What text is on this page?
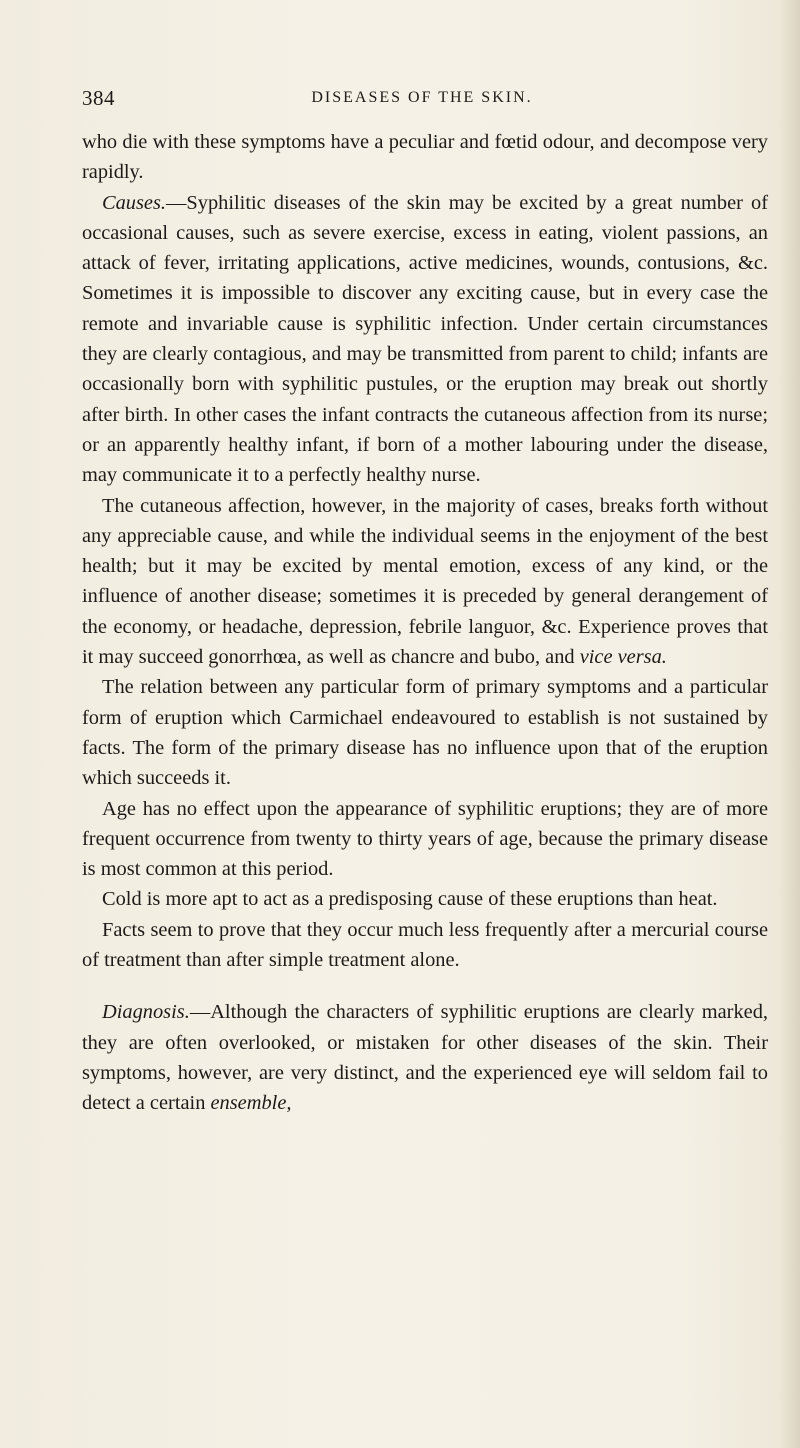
384	DISEASES OF THE SKIN.

who die with these symptoms have a peculiar and fœtid odour, and decompose very rapidly.

Causes.—Syphilitic diseases of the skin may be excited by a great number of occasional causes, such as severe exercise, excess in eating, violent passions, an attack of fever, irritating applications, active medicines, wounds, contusions, &c. Sometimes it is impossible to discover any exciting cause, but in every case the remote and invariable cause is syphilitic infection. Under certain circumstances they are clearly contagious, and may be transmitted from parent to child; infants are occasionally born with syphilitic pustules, or the eruption may break out shortly after birth. In other cases the infant contracts the cutaneous affection from its nurse; or an apparently healthy infant, if born of a mother labouring under the disease, may communicate it to a perfectly healthy nurse.

The cutaneous affection, however, in the majority of cases, breaks forth without any appreciable cause, and while the individual seems in the enjoyment of the best health; but it may be excited by mental emotion, excess of any kind, or the influence of another disease; sometimes it is preceded by general derangement of the economy, or headache, depression, febrile languor, &c. Experience proves that it may succeed gonorrhœa, as well as chancre and bubo, and vice versa.

The relation between any particular form of primary symptoms and a particular form of eruption which Carmichael endeavoured to establish is not sustained by facts. The form of the primary disease has no influence upon that of the eruption which succeeds it.

Age has no effect upon the appearance of syphilitic eruptions; they are of more frequent occurrence from twenty to thirty years of age, because the primary disease is most common at this period.

Cold is more apt to act as a predisposing cause of these eruptions than heat.

Facts seem to prove that they occur much less frequently after a mercurial course of treatment than after simple treatment alone.

Diagnosis.—Although the characters of syphilitic eruptions are clearly marked, they are often overlooked, or mistaken for other diseases of the skin. Their symptoms, however, are very distinct, and the experienced eye will seldom fail to detect a certain ensemble,
